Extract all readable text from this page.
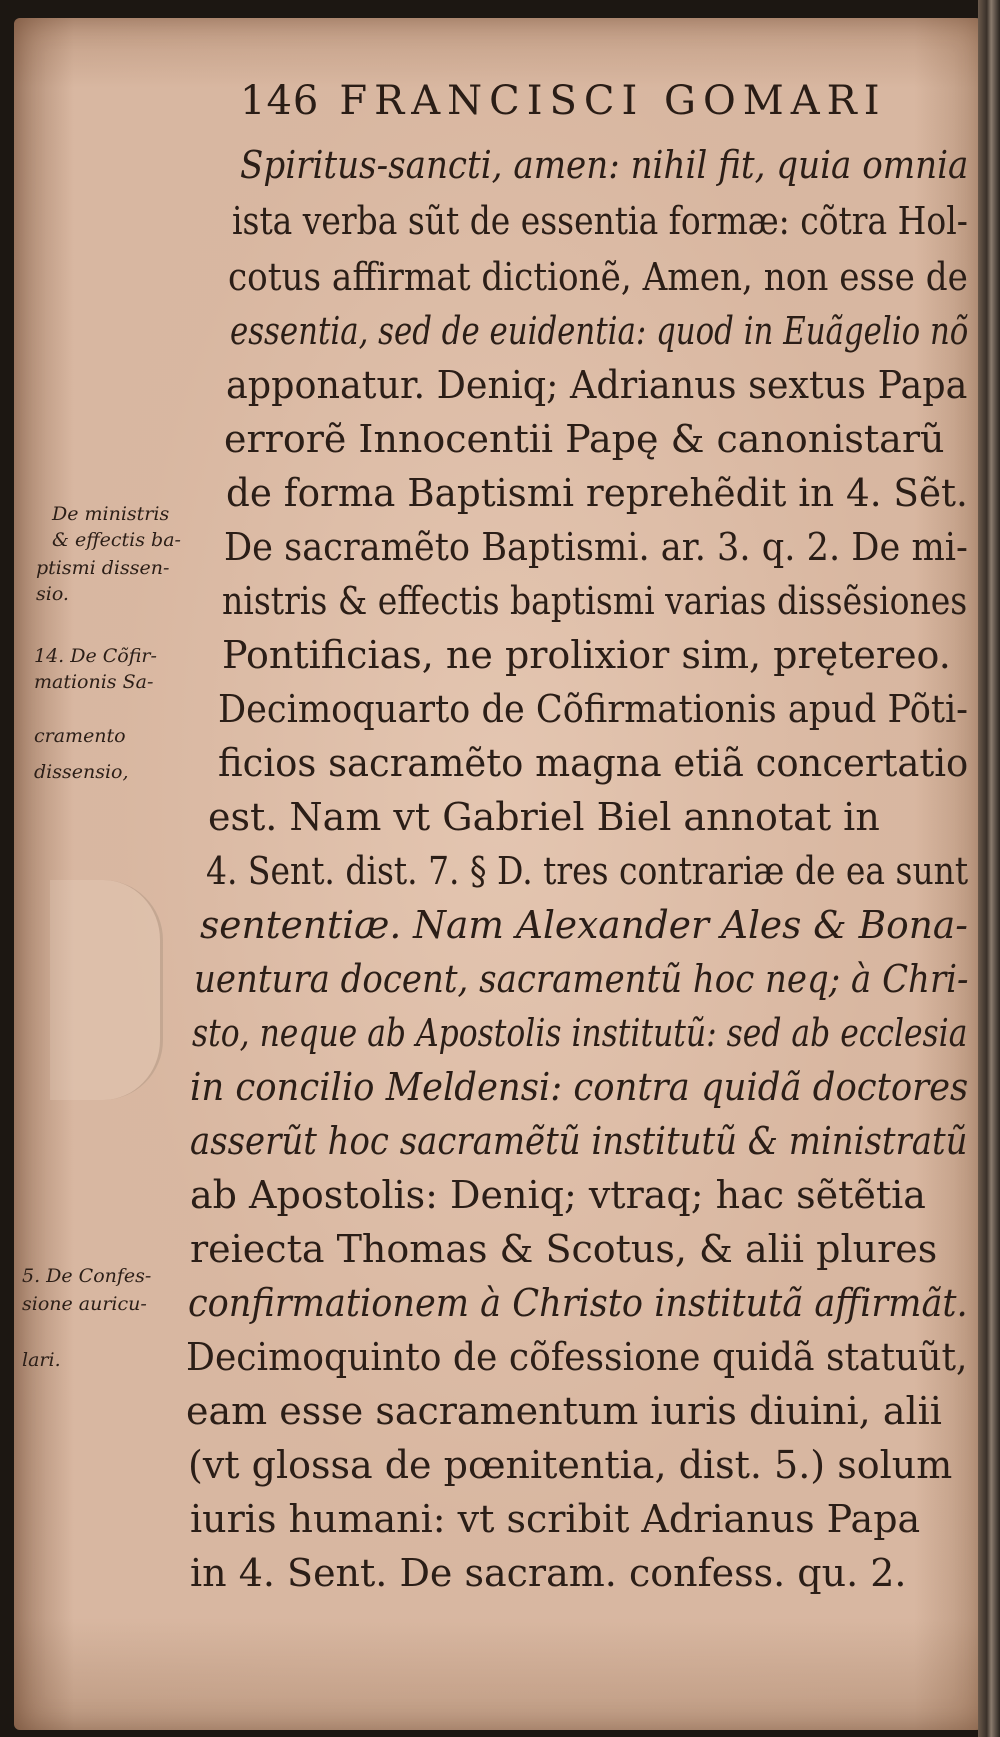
146 FRANCISCI GOMARI
Spiritus-sancti, amen: nihil fit, quia omnia
ista verba sũt de essentia formæ: cõtra Hol-
cotus affirmat dictionẽ, Amen, non esse de
essentia, sed de euidentia: quod in Euãgelio nõ
apponatur. Deniq; Adrianus sextus Papa
errorẽ Innocentii Papę & canonistarũ
de forma Baptismi reprehẽdit in 4. Sẽt.
De sacramẽto Baptismi. ar. 3. q. 2. De mi-
nistris & effectis baptismi varias dissẽsiones
Pontificias, ne prolixior sim, prętereo.
Decimoquarto de Cõfirmationis apud Põti-
ficios sacramẽto magna etiã concertatio
est. Nam vt Gabriel Biel annotat in
4. Sent. dist. 7. § D. tres contrariæ de ea sunt
sententiæ. Nam Alexander Ales & Bona-
uentura docent, sacramentũ hoc neq; à Chri-
sto, neque ab Apostolis institutũ: sed ab ecclesia
in concilio Meldensi: contra quidã doctores
asserũt hoc sacramẽtũ institutũ & ministratũ
ab Apostolis: Deniq; vtraq; hac sẽtẽtia
reiecta Thomas & Scotus, & alii plures
confirmationem à Christo institutã affirmãt.
Decimoquinto de cõfessione quidã statuũt,
eam esse sacramentum iuris diuini, alii
(vt glossa de pœnitentia, dist. 5.) solum
iuris humani: vt scribit Adrianus Papa
in 4. Sent. De sacram. confess. qu. 2.
De ministris
& effectis ba-
ptismi dissen-
sio.
14. De Cõfir-
mationis Sa-
cramento
dissensio,
5. De Confes-
sione auricu-
lari.
